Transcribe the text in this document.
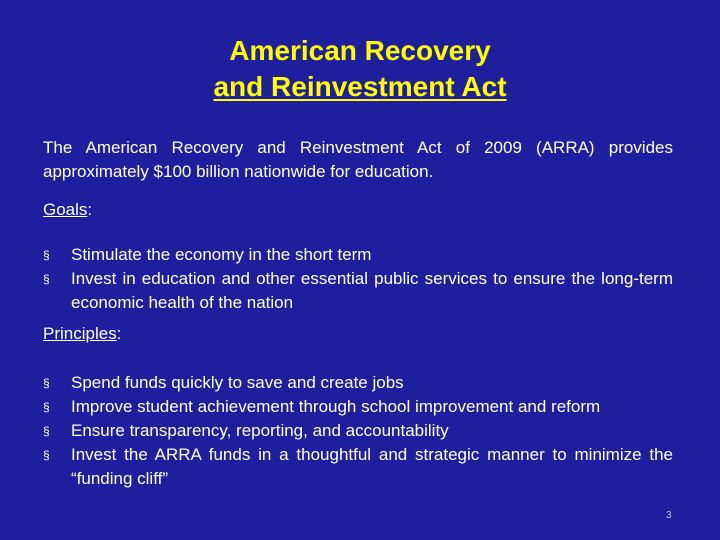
American Recovery
and Reinvestment Act
The American Recovery and Reinvestment Act of 2009 (ARRA) provides approximately $100 billion nationwide for education.
Goals:
§	Stimulate the economy in the short term
§	Invest in education and other essential public services to ensure the long-term economic health of the nation
Principles:
§	Spend funds quickly to save and create jobs
§	Improve student achievement through school improvement and reform
§	Ensure transparency, reporting, and accountability
§	Invest the ARRA funds in a thoughtful and strategic manner to minimize the “funding cliff”
3
